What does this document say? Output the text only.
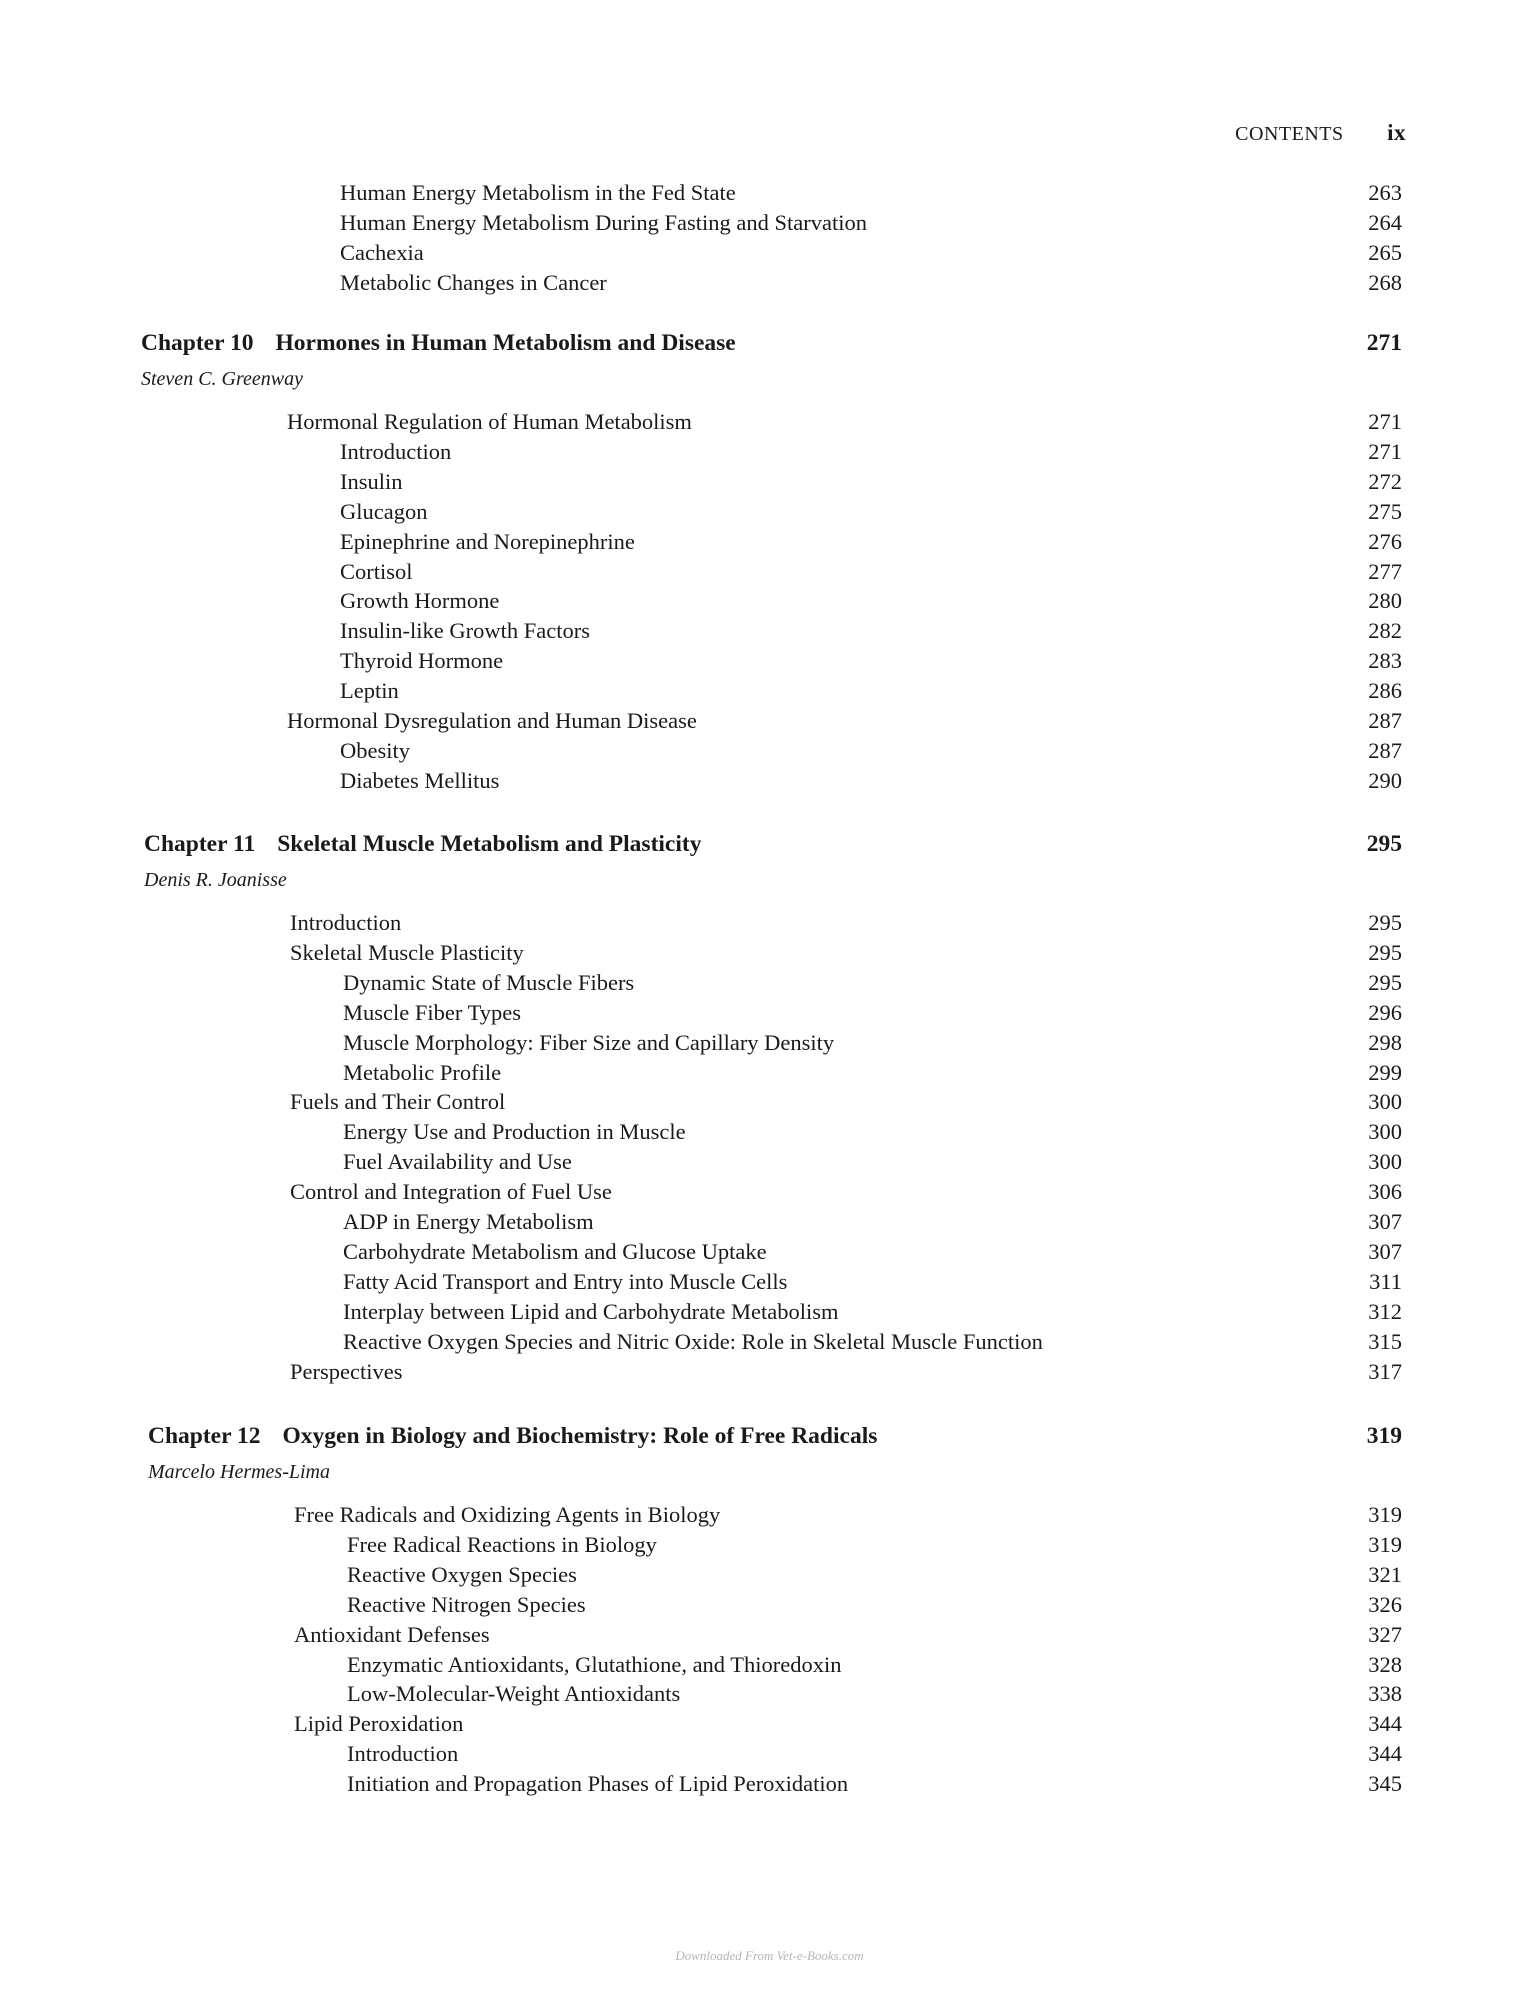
CONTENTS ix
Human Energy Metabolism in the Fed State	263
Human Energy Metabolism During Fasting and Starvation	264
Cachexia	265
Metabolic Changes in Cancer	268
Chapter 10 Hormones in Human Metabolism and Disease	271
Steven C. Greenway
Hormonal Regulation of Human Metabolism	271
Introduction	271
Insulin	272
Glucagon	275
Epinephrine and Norepinephrine	276
Cortisol	277
Growth Hormone	280
Insulin-like Growth Factors	282
Thyroid Hormone	283
Leptin	286
Hormonal Dysregulation and Human Disease	287
Obesity	287
Diabetes Mellitus	290
Chapter 11 Skeletal Muscle Metabolism and Plasticity	295
Denis R. Joanisse
Introduction	295
Skeletal Muscle Plasticity	295
Dynamic State of Muscle Fibers	295
Muscle Fiber Types	296
Muscle Morphology: Fiber Size and Capillary Density	298
Metabolic Profile	299
Fuels and Their Control	300
Energy Use and Production in Muscle	300
Fuel Availability and Use	300
Control and Integration of Fuel Use	306
ADP in Energy Metabolism	307
Carbohydrate Metabolism and Glucose Uptake	307
Fatty Acid Transport and Entry into Muscle Cells	311
Interplay between Lipid and Carbohydrate Metabolism	312
Reactive Oxygen Species and Nitric Oxide: Role in Skeletal Muscle Function	315
Perspectives	317
Chapter 12 Oxygen in Biology and Biochemistry: Role of Free Radicals	319
Marcelo Hermes-Lima
Free Radicals and Oxidizing Agents in Biology	319
Free Radical Reactions in Biology	319
Reactive Oxygen Species	321
Reactive Nitrogen Species	326
Antioxidant Defenses	327
Enzymatic Antioxidants, Glutathione, and Thioredoxin	328
Low-Molecular-Weight Antioxidants	338
Lipid Peroxidation	344
Introduction	344
Initiation and Propagation Phases of Lipid Peroxidation	345
Downloaded From Vet-e-Books.com
